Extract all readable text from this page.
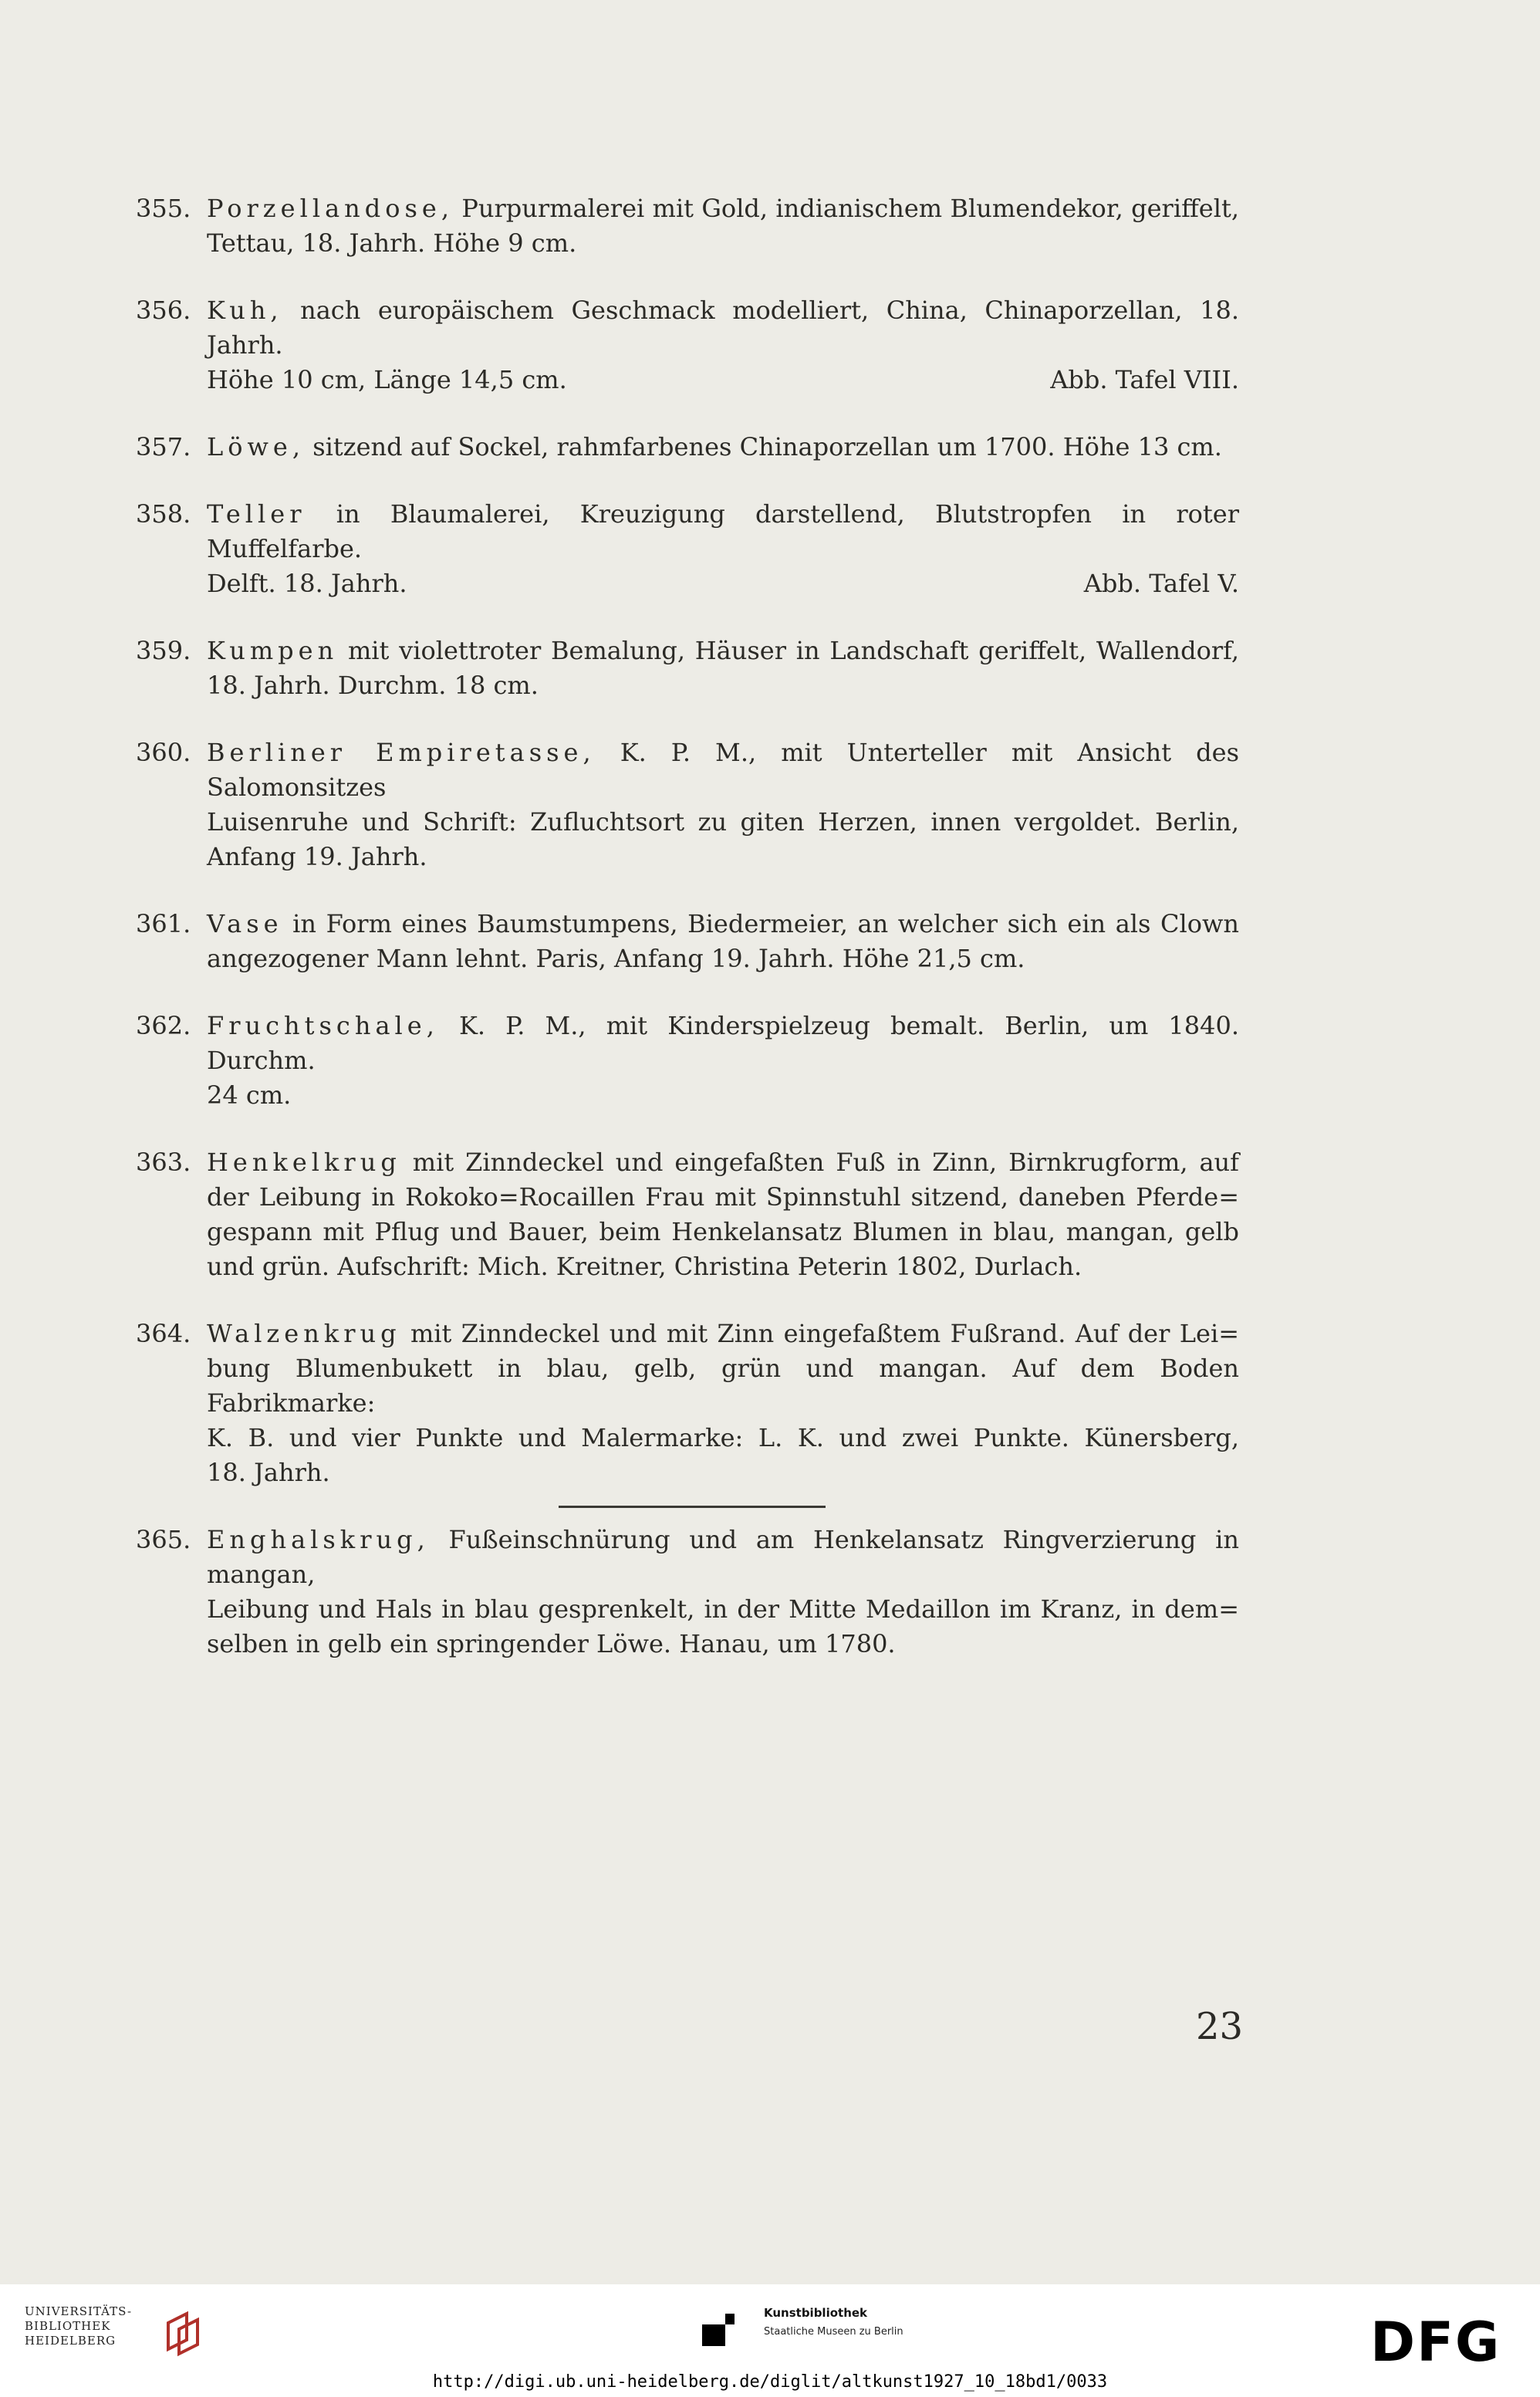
355. Porzellandose, Purpurmalerei mit Gold, indianischem Blumendekor, geriffelt,
Tettau, 18. Jahrh. Höhe 9 cm.
356. Kuh, nach europäischem Geschmack modelliert, China, Chinaporzellan, 18. Jahrh.
Höhe 10 cm, Länge 14,5 cm.	Abb. Tafel VIII.
357. Löwe, sitzend auf Sockel, rahmfarbenes Chinaporzellan um 1700. Höhe 13 cm.
358. Teller in Blaumalerei, Kreuzigung darstellend, Blutstropfen in roter Muffelfarbe.
Delft. 18. Jahrh.	Abb. Tafel V.
359. Kumpen mit violettroter Bemalung, Häuser in Landschaft geriffelt, Wallendorf,
18. Jahrh. Durchm. 18 cm.
360. Berliner Empiretasse, K. P. M., mit Unterteller mit Ansicht des Salomonsitzes
Luisenruhe und Schrift: Zufluchtsort zu giten Herzen, innen vergoldet. Berlin,
Anfang 19. Jahrh.
361. Vase in Form eines Baumstumpens, Biedermeier, an welcher sich ein als Clown
angezogener Mann lehnt. Paris, Anfang 19. Jahrh. Höhe 21,5 cm.
362. Fruchtschale, K. P. M., mit Kinderspielzeug bemalt. Berlin, um 1840. Durchm.
24 cm.
363. Henkelkrug mit Zinndeckel und eingefaßten Fuß in Zinn, Birnkrugform, auf
der Leibung in Rokoko=Rocaillen Frau mit Spinnstuhl sitzend, daneben Pferde=
gespann mit Pflug und Bauer, beim Henkelansatz Blumen in blau, mangan, gelb
und grün. Aufschrift: Mich. Kreitner, Christina Peterin 1802, Durlach.
364. Walzenkrug mit Zinndeckel und mit Zinn eingefaßtem Fußrand. Auf der Lei=
bung Blumenbukett in blau, gelb, grün und mangan. Auf dem Boden Fabrikmarke:
K. B. und vier Punkte und Malermarke: L. K. und zwei Punkte. Künersberg,
18. Jahrh.
365. Enghalskrug, Fußeinschnürung und am Henkelansatz Ringverzierung in mangan,
Leibung und Hals in blau gesprenkelt, in der Mitte Medaillon im Kranz, in dem=
selben in gelb ein springender Löwe. Hanau, um 1780.
23
UNIVERSITÄTS-
BIBLIOTHEK
HEIDELBERG
Kunstbibliothek
Staatliche Museen zu Berlin	DFG
http://digi.ub.uni-heidelberg.de/diglit/altkunst1927_10_18bd1/0033
